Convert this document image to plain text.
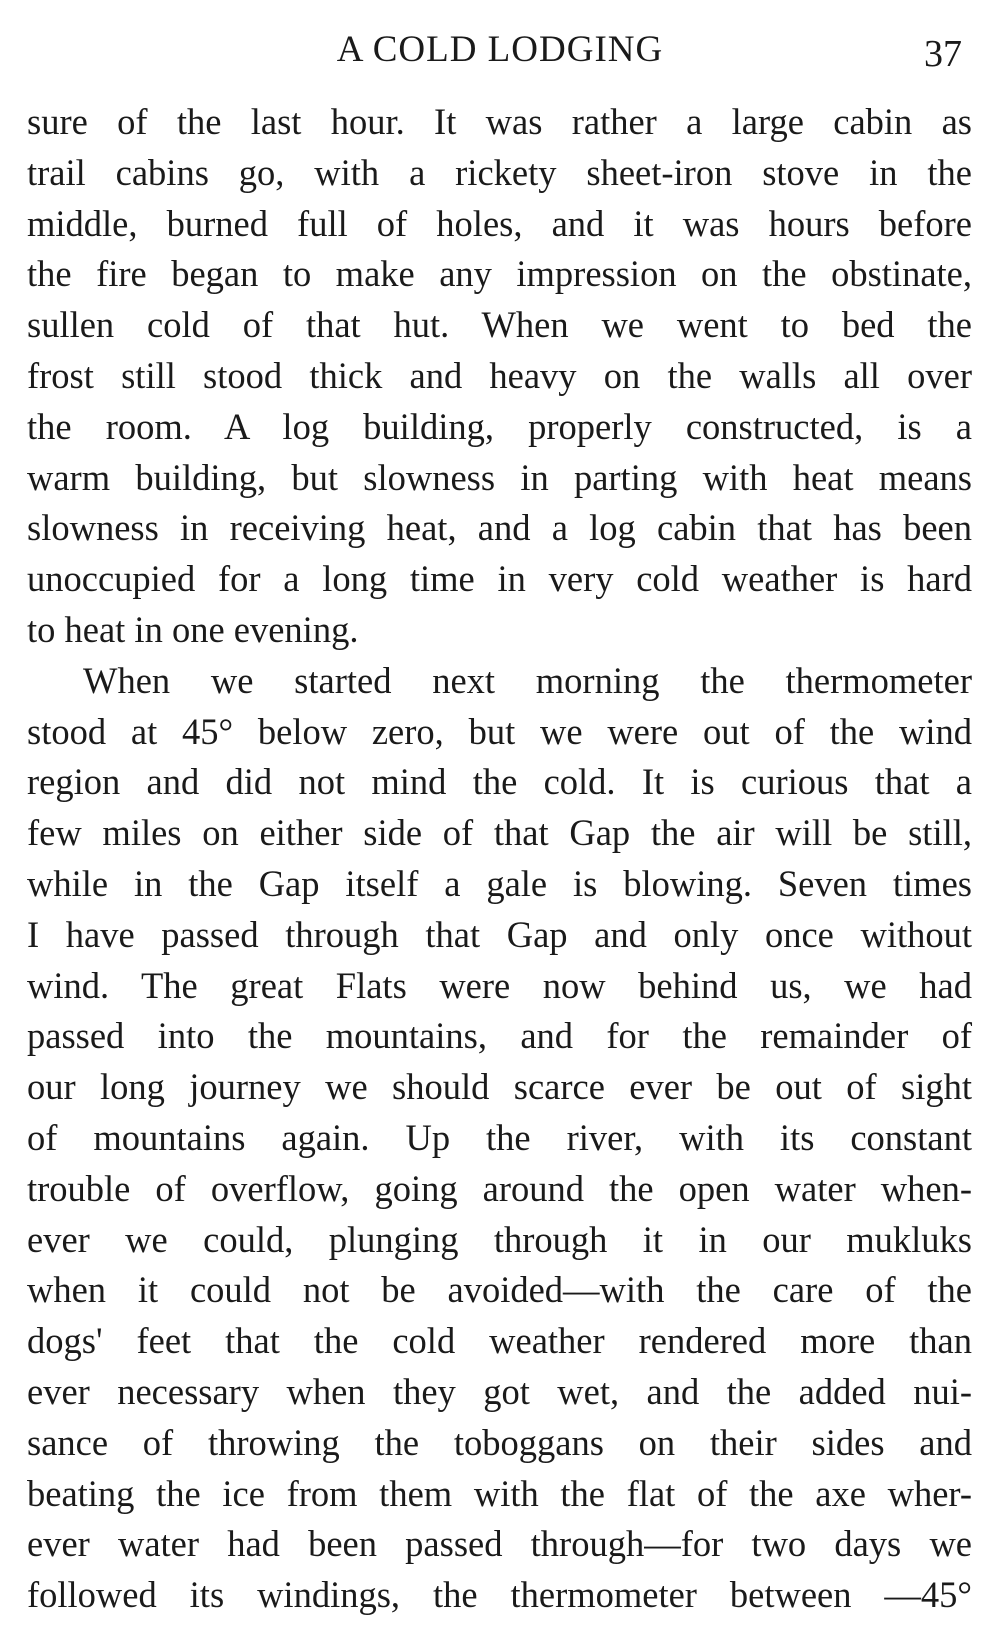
A COLD LODGING	37
sure of the last hour. It was rather a large cabin as
trail cabins go, with a rickety sheet-iron stove in the
middle, burned full of holes, and it was hours before
the fire began to make any impression on the obstinate,
sullen cold of that hut. When we went to bed the
frost still stood thick and heavy on the walls all over
the room. A log building, properly constructed, is a
warm building, but slowness in parting with heat means
slowness in receiving heat, and a log cabin that has been
unoccupied for a long time in very cold weather is hard
to heat in one evening.
When we started next morning the thermometer
stood at 45° below zero, but we were out of the wind
region and did not mind the cold. It is curious that a
few miles on either side of that Gap the air will be still,
while in the Gap itself a gale is blowing. Seven times
I have passed through that Gap and only once without
wind. The great Flats were now behind us, we had
passed into the mountains, and for the remainder of
our long journey we should scarce ever be out of sight
of mountains again. Up the river, with its constant
trouble of overflow, going around the open water when-
ever we could, plunging through it in our mukluks
when it could not be avoided—with the care of the
dogs' feet that the cold weather rendered more than
ever necessary when they got wet, and the added nui-
sance of throwing the toboggans on their sides and
beating the ice from them with the flat of the axe wher-
ever water had been passed through—for two days we
followed its windings, the thermometer between —45°
